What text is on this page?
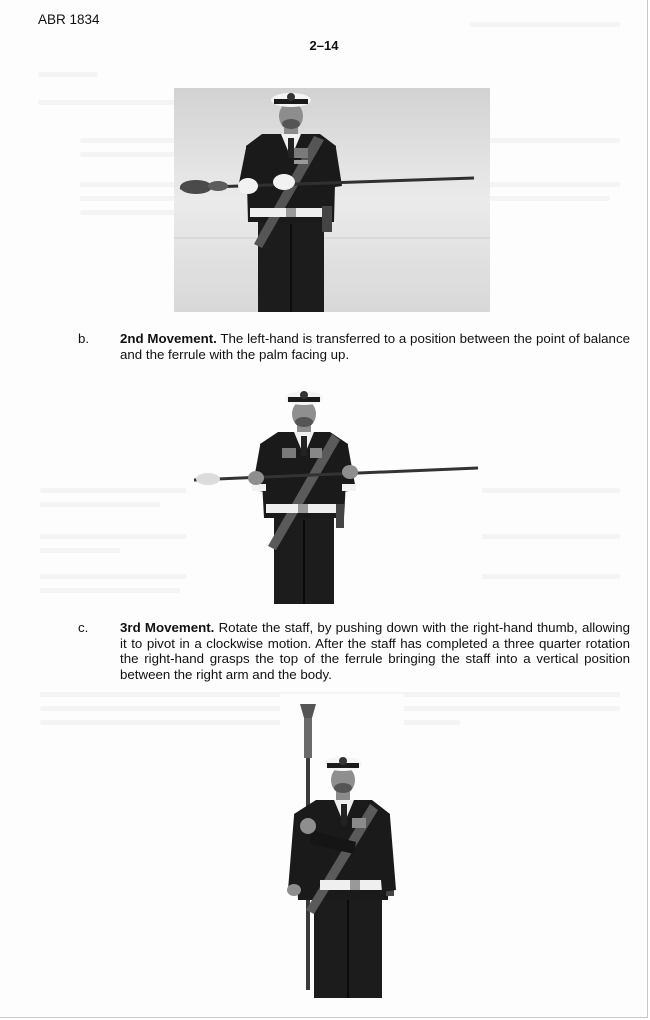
ABR 1834
2–14
b. 2nd Movement. The left-hand is transferred to a position between the point of balance and the ferrule with the palm facing up.
c. 3rd Movement. Rotate the staff, by pushing down with the right-hand thumb, allowing it to pivot in a clockwise motion. After the staff has completed a three quarter rotation the right-hand grasps the top of the ferrule bringing the staff into a vertical position between the right arm and the body.
